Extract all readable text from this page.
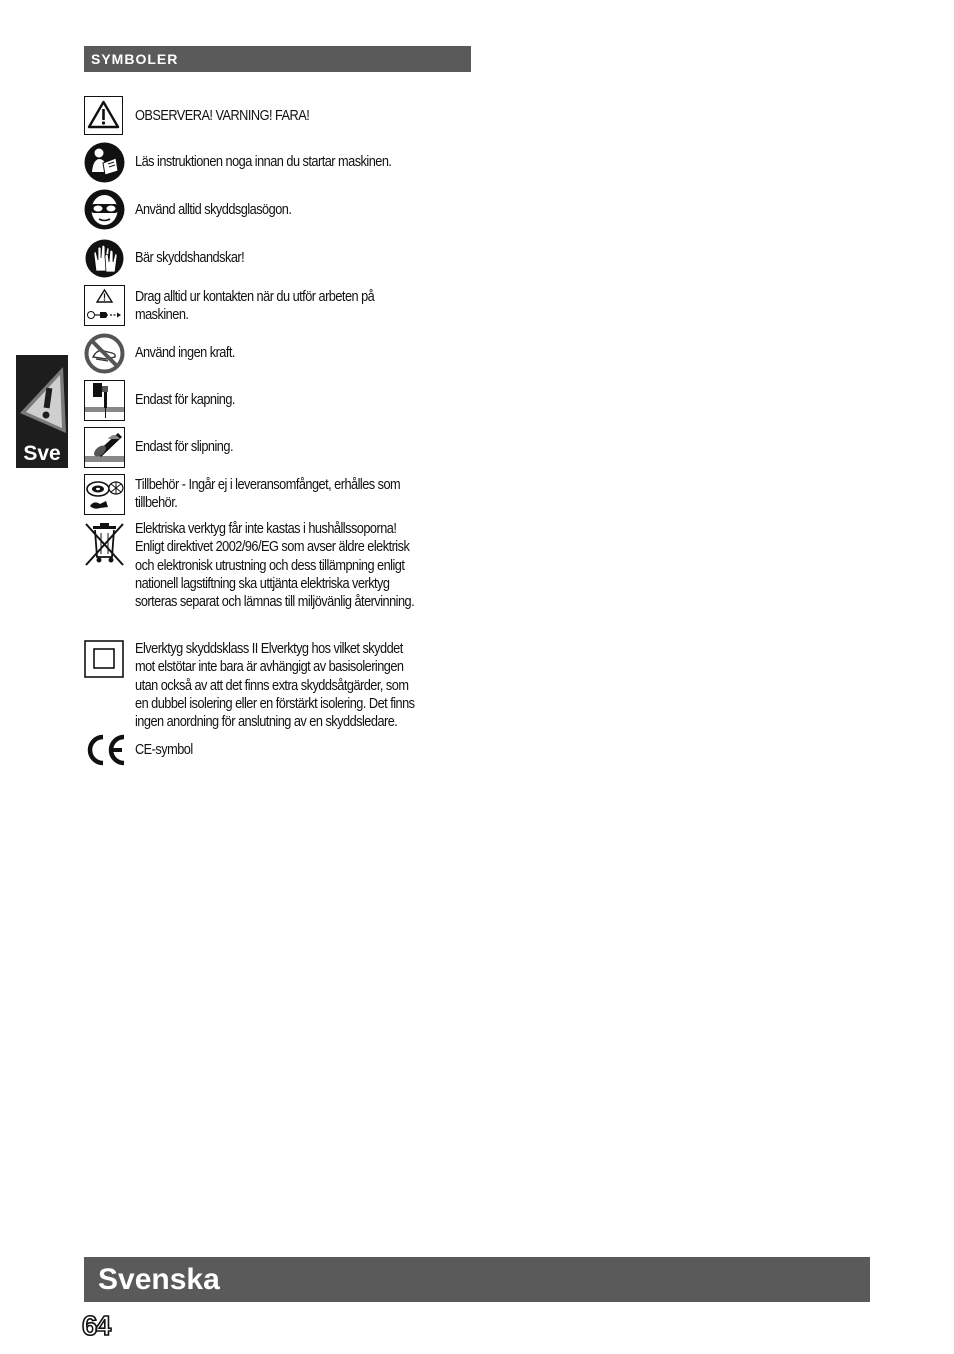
SYMBOLER
Sve
OBSERVERA! VARNING! FARA!
Läs instruktionen noga innan du startar maskinen.
Använd alltid skyddsglasögon.
Bär skyddshandskar!
Drag alltid ur kontakten när du utför arbeten på
maskinen.
Använd ingen kraft.
Endast för kapning.
Endast för slipning.
Tillbehör - Ingår ej i leveransomfånget, erhålles som
tillbehör.
Elektriska verktyg får inte kastas i hushållssoporna!
Enligt direktivet 2002/96/EG som avser äldre elektrisk
och elektronisk utrustning och dess tillämpning enligt
nationell lagstiftning ska uttjänta elektriska verktyg
sorteras separat och lämnas till miljövänlig återvinning.
Elverktyg skyddsklass II Elverktyg hos vilket skyddet
mot elstötar inte bara är avhängigt av basisoleringen
utan också av att det finns extra skyddsåtgärder, som
en dubbel isolering eller en förstärkt isolering. Det finns
ingen anordning för anslutning av en skyddsledare.
CE-symbol
Svenska
64
